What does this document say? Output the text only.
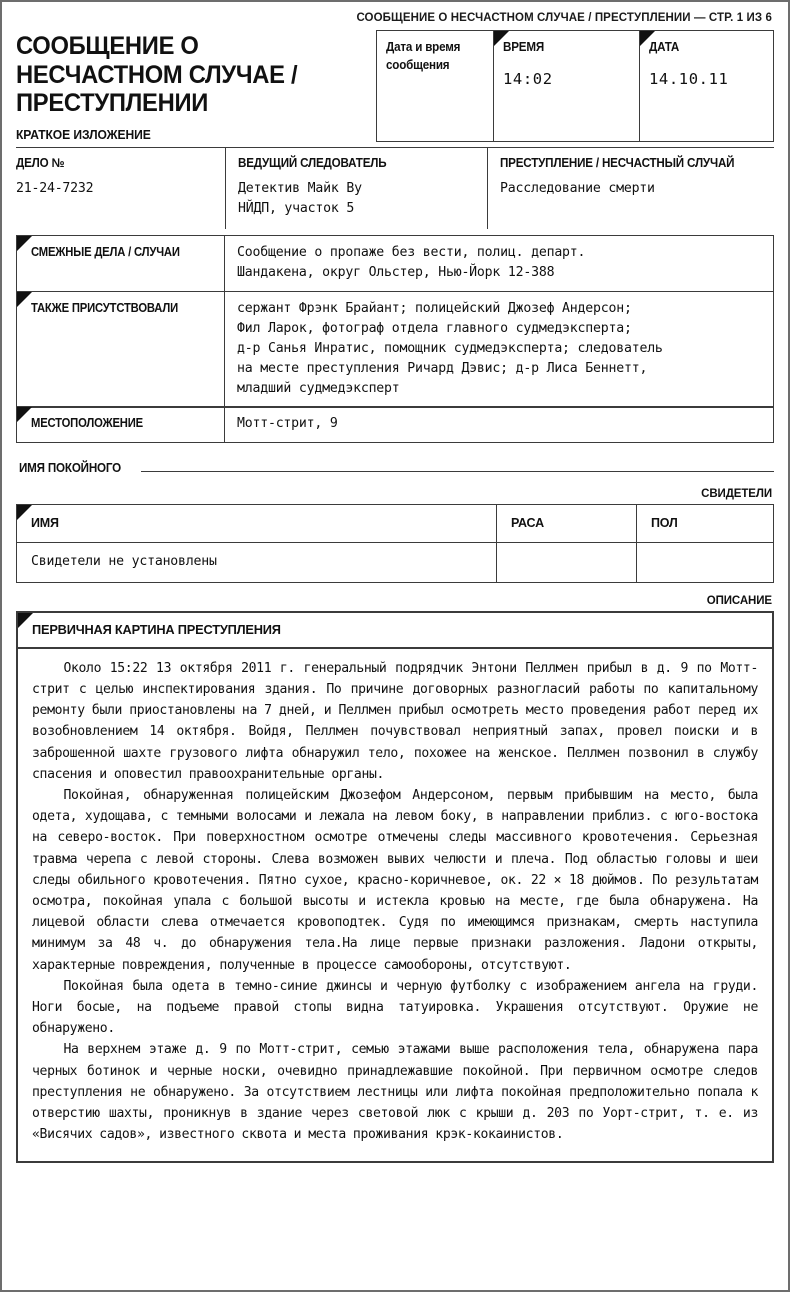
СООБЩЕНИЕ О НЕСЧАСТНОМ СЛУЧАЕ / ПРЕСТУПЛЕНИИ — СТР. 1 ИЗ 6
СООБЩЕНИЕ О НЕСЧАСТНОМ СЛУЧАЕ / ПРЕСТУПЛЕНИИ
КРАТКОЕ ИЗЛОЖЕНИЕ
Дата и время сообщения
ВРЕМЯ
14:02
ДАТА
14.10.11
ДЕЛО №
21-24-7232
ВЕДУЩИЙ СЛЕДОВАТЕЛЬ
Детектив Майк Ву
НЙДП, участок 5
ПРЕСТУПЛЕНИЕ / НЕСЧАСТНЫЙ СЛУЧАЙ
Расследование смерти
СМЕЖНЫЕ ДЕЛА / СЛУЧАИ	Сообщение о пропаже без вести, полиц. департ.
Шандакена, округ Ольстер, Нью-Йорк 12-388
ТАКЖЕ ПРИСУТСТВОВАЛИ	сержант Фрэнк Брайант; полицейский Джозеф Андерсон;
Фил Ларок, фотограф отдела главного судмедэксперта;
д-р Санья Инратис, помощник судмедэксперта; следователь
на месте преступления Ричард Дэвис; д-р Лиса Беннетт,
младший судмедэксперт
МЕСТОПОЛОЖЕНИЕ	Мотт-стрит, 9
ИМЯ ПОКОЙНОГО
СВИДЕТЕЛИ
ИМЯ	РАСА	ПОЛ
Свидетели не установлены		
ОПИСАНИЕ
ПЕРВИЧНАЯ КАРТИНА ПРЕСТУПЛЕНИЯ

Около 15:22 13 октября 2011 г. генеральный подрядчик Энтони Пеллмен прибыл в д. 9 по Мотт-стрит с целью инспектирования здания. По причине договорных разногласий работы по капитальному ремонту были приостановлены на 7 дней, и Пеллмен прибыл осмотреть место проведения работ перед их возобновлением 14 октября. Войдя, Пеллмен почувствовал неприятный запах, провел поиски и в заброшенной шахте грузового лифта обнаружил тело, похожее на женское. Пеллмен позвонил в службу спасения и оповестил правоохранительные органы.

Покойная, обнаруженная полицейским Джозефом Андерсоном, первым прибывшим на место, была одета, худощава, с темными волосами и лежала на левом боку, в направлении приблиз. с юго-востока на северо-восток. При поверхностном осмотре отмечены следы массивного кровотечения. Серьезная травма черепа с левой стороны. Слева возможен вывих челюсти и плеча. Под областью головы и шеи следы обильного кровотечения. Пятно сухое, красно-коричневое, ок. 22 × 18 дюймов. По результатам осмотра, покойная упала с большой высоты и истекла кровью на месте, где была обнаружена. На лицевой области слева отмечается кровоподтек. Судя по имеющимся признакам, смерть наступила минимум за 48 ч. до обнаружения тела.На лице первые признаки разложения. Ладони открыты, характерные повреждения, полученные в процессе самообороны, отсутствуют.

Покойная была одета в темно-синие джинсы и черную футболку с изображением ангела на груди. Ноги босые, на подъеме правой стопы видна татуировка. Украшения отсутствуют. Оружие не обнаружено.

На верхнем этаже д. 9 по Мотт-стрит, семью этажами выше расположения тела, обнаружена пара черных ботинок и черные носки, очевидно принадлежавшие покойной. При первичном осмотре следов преступления не обнаружено. За отсутствием лестницы или лифта покойная предположительно попала к отверстию шахты, проникнув в здание через световой люк с крыши д. 203 по Уорт-стрит, т. е. из «Висячих садов», известного сквота и места проживания крэк-кокаинистов.
